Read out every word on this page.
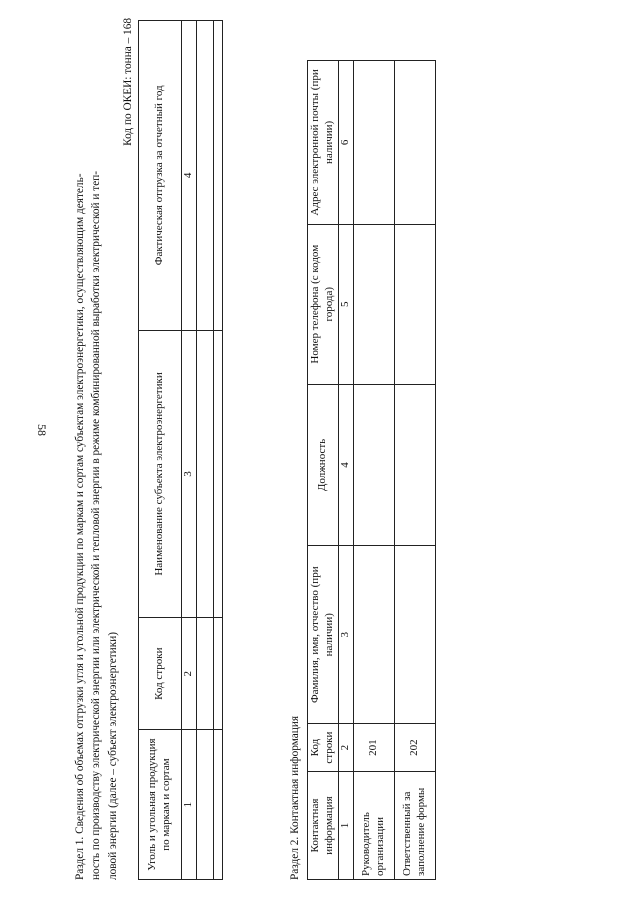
58 Раздел 1. Сведения об объемах отгрузки угля и угольной продукции по маркам и сортам субъектам электроэнергетики, осуществляющим деятель- ность по производству электрической энергии или электрической и тепловой энергии в режиме комбинированной выработки электрической и теп- ловой энергии (далее – субъект электроэнергетики)
Код по ОКЕИ: тонна – 168
Уголь и угольная продукция по маркам и сортам	Код строки	Наименование субъекта электроэнергетики	Фактическая отгрузка за отчетный год
1	2	3	4

Раздел 2. Контактная информация Контактная информация	Код строки	Фамилия, имя, отчество (при наличии)	Должность	Номер телефона (с кодом города)	Адрес электронной почты (при наличии)
1	2	3	4	5	6
Руководитель организации	201				
Ответственный за заполнение формы	202				
